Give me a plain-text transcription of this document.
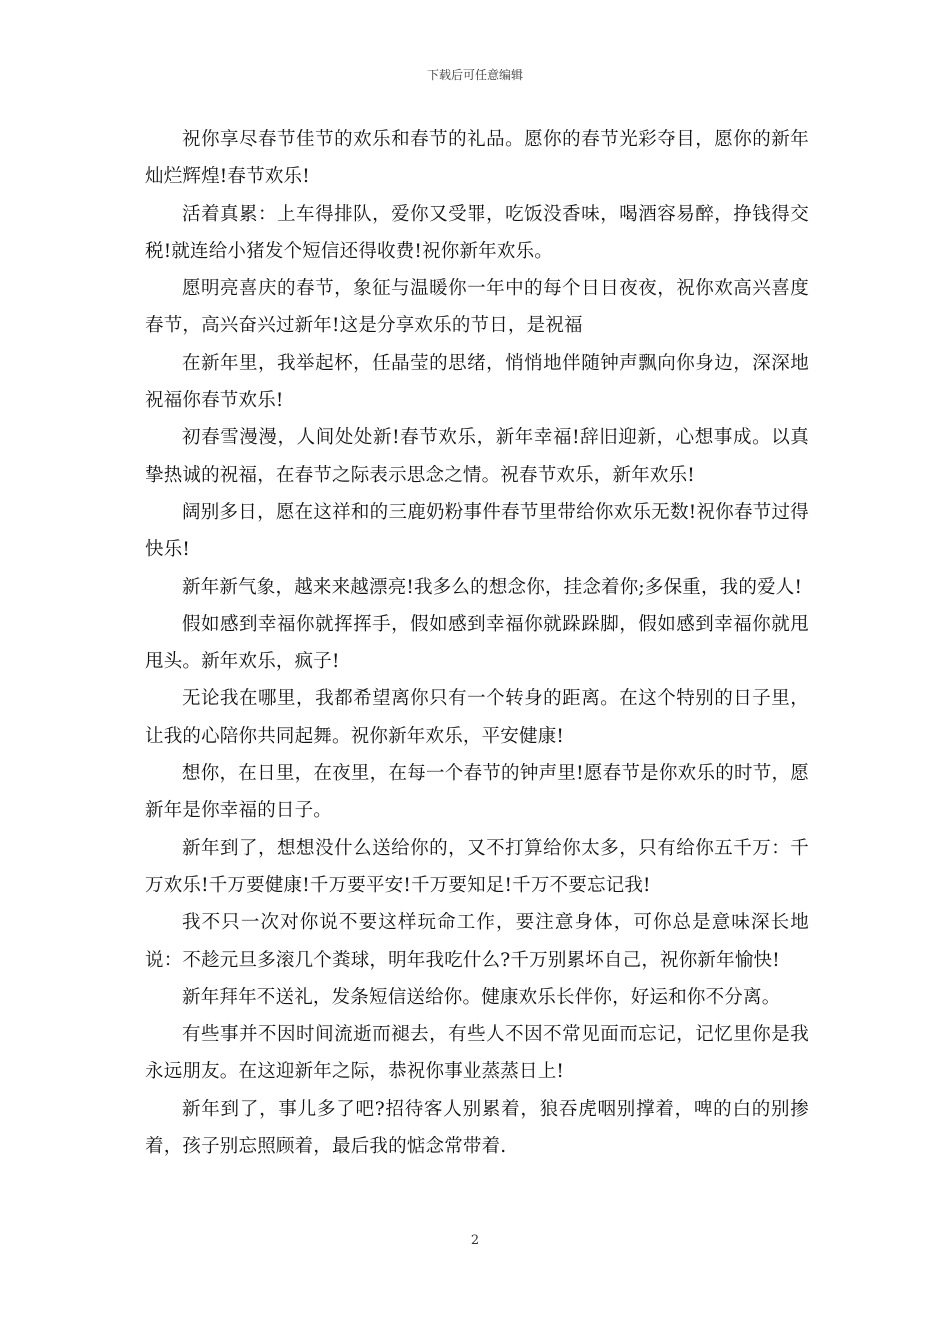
下载后可任意编辑

祝你享尽春节佳节的欢乐和春节的礼品。愿你的春节光彩夺目，愿你的新年灿烂辉煌!春节欢乐!

活着真累：上车得排队，爱你又受罪，吃饭没香味，喝酒容易醉，挣钱得交税!就连给小猪发个短信还得收费!祝你新年欢乐。

愿明亮喜庆的春节，象征与温暖你一年中的每个日日夜夜，祝你欢高兴喜度春节，高兴奋兴过新年!这是分享欢乐的节日，是祝福

在新年里，我举起杯，任晶莹的思绪，悄悄地伴随钟声飘向你身边，深深地祝福你春节欢乐!

初春雪漫漫，人间处处新!春节欢乐，新年幸福!辞旧迎新，心想事成。以真挚热诚的祝福，在春节之际表示思念之情。祝春节欢乐，新年欢乐!

阔别多日，愿在这祥和的三鹿奶粉事件春节里带给你欢乐无数!祝你春节过得快乐!

新年新气象，越来来越漂亮!我多么的想念你，挂念着你;多保重，我的爱人!

假如感到幸福你就挥挥手，假如感到幸福你就跺跺脚，假如感到幸福你就甩甩头。新年欢乐，疯子!

无论我在哪里，我都希望离你只有一个转身的距离。在这个特别的日子里，让我的心陪你共同起舞。祝你新年欢乐，平安健康!

想你，在日里，在夜里，在每一个春节的钟声里!愿春节是你欢乐的时节，愿新年是你幸福的日子。

新年到了，想想没什么送给你的，又不打算给你太多，只有给你五千万：千万欢乐!千万要健康!千万要平安!千万要知足!千万不要忘记我!

我不只一次对你说不要这样玩命工作，要注意身体，可你总是意味深长地说：不趁元旦多滚几个粪球，明年我吃什么?千万别累坏自己，祝你新年愉快!

新年拜年不送礼，发条短信送给你。健康欢乐长伴你，好运和你不分离。

有些事并不因时间流逝而褪去，有些人不因不常见面而忘记，记忆里你是我永远朋友。在这迎新年之际，恭祝你事业蒸蒸日上!

新年到了，事儿多了吧?招待客人别累着，狼吞虎咽别撑着，啤的白的别掺着，孩子别忘照顾着，最后我的惦念常带着.

2
